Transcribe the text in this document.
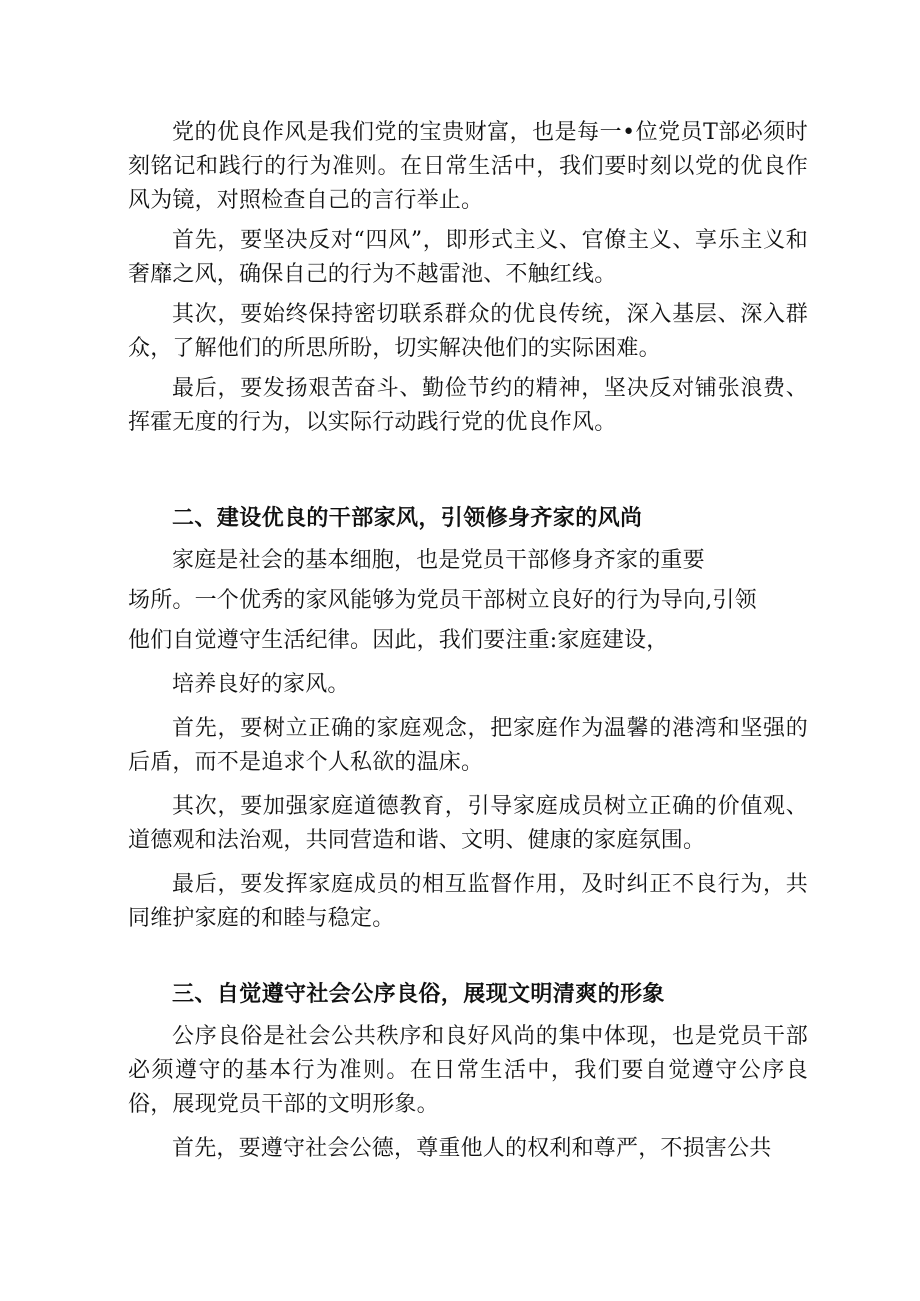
党的优良作风是我们党的宝贵财富，也是每一•位党员T部必须时刻铭记和践行的行为准则。在日常生活中，我们要时刻以党的优良作风为镜，对照检查自己的言行举止。

首先，要坚决反对“四风”，即形式主义、官僚主义、享乐主义和奢靡之风，确保自己的行为不越雷池、不触红线。

其次，要始终保持密切联系群众的优良传统，深入基层、深入群众，了解他们的所思所盼，切实解决他们的实际困难。

最后，要发扬艰苦奋斗、勤俭节约的精神，坚决反对铺张浪费、挥霍无度的行为，以实际行动践行党的优良作风。

二、建设优良的干部家风，引领修身齐家的风尚

家庭是社会的基本细胞，也是党员干部修身齐家的重要

场所。一个优秀的家风能够为党员干部树立良好的行为导向,引领

他们自觉遵守生活纪律。因此，我们要注重:家庭建设，

培养良好的家风。

首先，要树立正确的家庭观念，把家庭作为温馨的港湾和坚强的后盾，而不是追求个人私欲的温床。

其次，要加强家庭道德教育，引导家庭成员树立正确的价值观、道德观和法治观，共同营造和谐、文明、健康的家庭氛围。

最后，要发挥家庭成员的相互监督作用，及时纠正不良行为，共同维护家庭的和睦与稳定。

三、自觉遵守社会公序良俗，展现文明清爽的形象

公序良俗是社会公共秩序和良好风尚的集中体现，也是党员干部必须遵守的基本行为准则。在日常生活中，我们要自觉遵守公序良俗，展现党员干部的文明形象。

首先，要遵守社会公德，尊重他人的权利和尊严，不损害公共
